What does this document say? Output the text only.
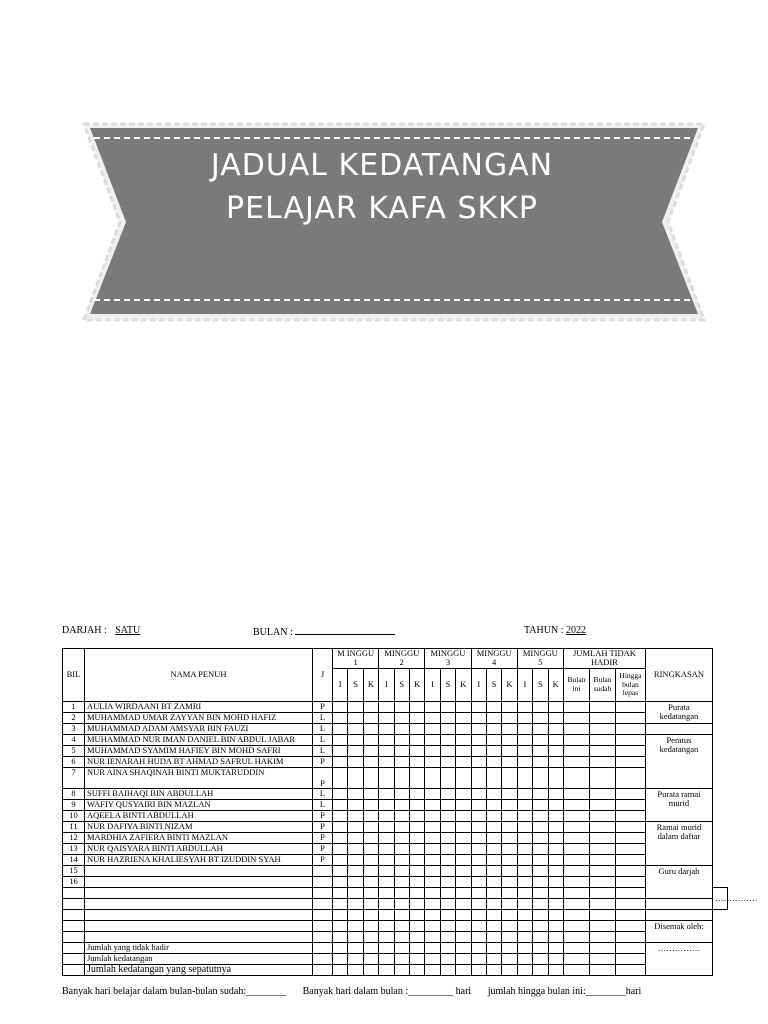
JADUAL KEDATANGAN
PELAJAR KAFA SKKP
DARJAH : SATU	BULAN :	TAHUN : 2022
BIL	NAMA PENUH	J	M INGGU 1			MINGGU 2			MINGGU 3			MINGGU 4			MINGGU 5			JUMLAH TIDAK HADIR			RINGKASAN	
																		Bulan ini	Bulan sudah	Hingga bulan lepas		
			I	S	K	I	S	K	I	S	K	I	S	K	I	S	K					
1	AULIA WIRDAANI BT ZAMRI	P																			Purata kedatangan	
2	MUHAMMAD UMAR ZAYYAN BIN MOHD HAFIZ	L																				
3	MUHAMMAD ADAM AMSYAR BIN FAUZI	L																				
4	MUHAMMAD NUR IMAN DANIEL BIN ABDUL JABAR	L																			Peratus kedatangan	
5	MUHAMMAD SYAMIM HAFIEY BIN MOHD SAFRI	L																				
6	NUR IENARAH HUDA BT AHMAD SAFRUL HAKIM	P																				
7	NUR AINA SHAQINAH BINTI MUKTARUDDIN	P																				
8	SUFFI BAIHAQI BIN ABDULLAH	L																			Purata ramai murid	
9	WAFIY QUSYAIRI BIN MAZLAN	L																				
10	AQEELA BINTI ABDULLAH	P																				
11	NUR DAFIYA BINTI NIZAM	P																			Ramai murid dalam daftar	
12	MARDHIA ZAFIERA BINTI MAZLAN	P																				
13	NUR QAISYARA BINTI ABDULLAH	P																				
14	NUR HAZRIENA KHALIESYAH BT IZUDDIN SYAH	P																				
15																					Guru darjah	
16																						
																						……………

																					Disemak oleh:	

	Jumlah yang tidak hadir																				……………	
	Jumlah kedatangan																					
	Jumlah kedatangan yang sepatutnya																					
Banyak hari belajar dalam bulan-bulan sudah:________ Banyak hari dalam bulan :_________ hari jumlah hingga bulan ini:________hari
